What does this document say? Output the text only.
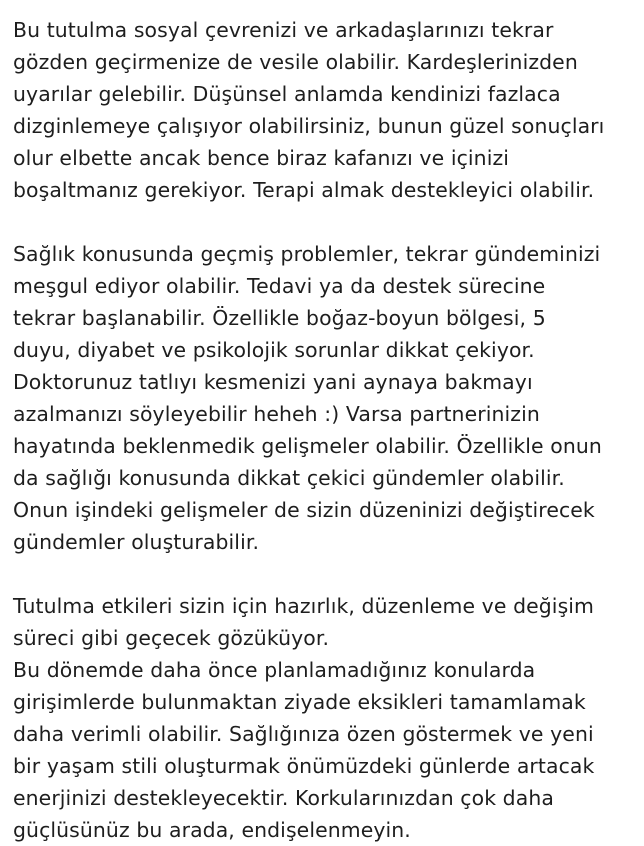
Bu tutulma sosyal çevrenizi ve arkadaşlarınızı tekrar

gözden geçirmenize de vesile olabilir. Kardeşlerinizden

uyarılar gelebilir. Düşünsel anlamda kendinizi fazlaca

dizginlemeye çalışıyor olabilirsiniz, bunun güzel sonuçları

olur elbette ancak bence biraz kafanızı ve içinizi

boşaltmanız gerekiyor. Terapi almak destekleyici olabilir.

Sağlık konusunda geçmiş problemler, tekrar gündeminizi

meşgul ediyor olabilir. Tedavi ya da destek sürecine

tekrar başlanabilir. Özellikle boğaz-boyun bölgesi, 5

duyu, diyabet ve psikolojik sorunlar dikkat çekiyor.

Doktorunuz tatlıyı kesmenizi yani aynaya bakmayı

azalmanızı söyleyebilir heheh :) Varsa partnerinizin

hayatında beklenmedik gelişmeler olabilir. Özellikle onun

da sağlığı konusunda dikkat çekici gündemler olabilir.

Onun işindeki gelişmeler de sizin düzeninizi değiştirecek

gündemler oluşturabilir.

Tutulma etkileri sizin için hazırlık, düzenleme ve değişim

süreci gibi geçecek gözüküyor.

Bu dönemde daha önce planlamadığınız konularda

girişimlerde bulunmaktan ziyade eksikleri tamamlamak

daha verimli olabilir. Sağlığınıza özen göstermek ve yeni

bir yaşam stili oluşturmak önümüzdeki günlerde artacak

enerjinizi destekleyecektir. Korkularınızdan çok daha

güçlüsünüz bu arada, endişelenmeyin.
